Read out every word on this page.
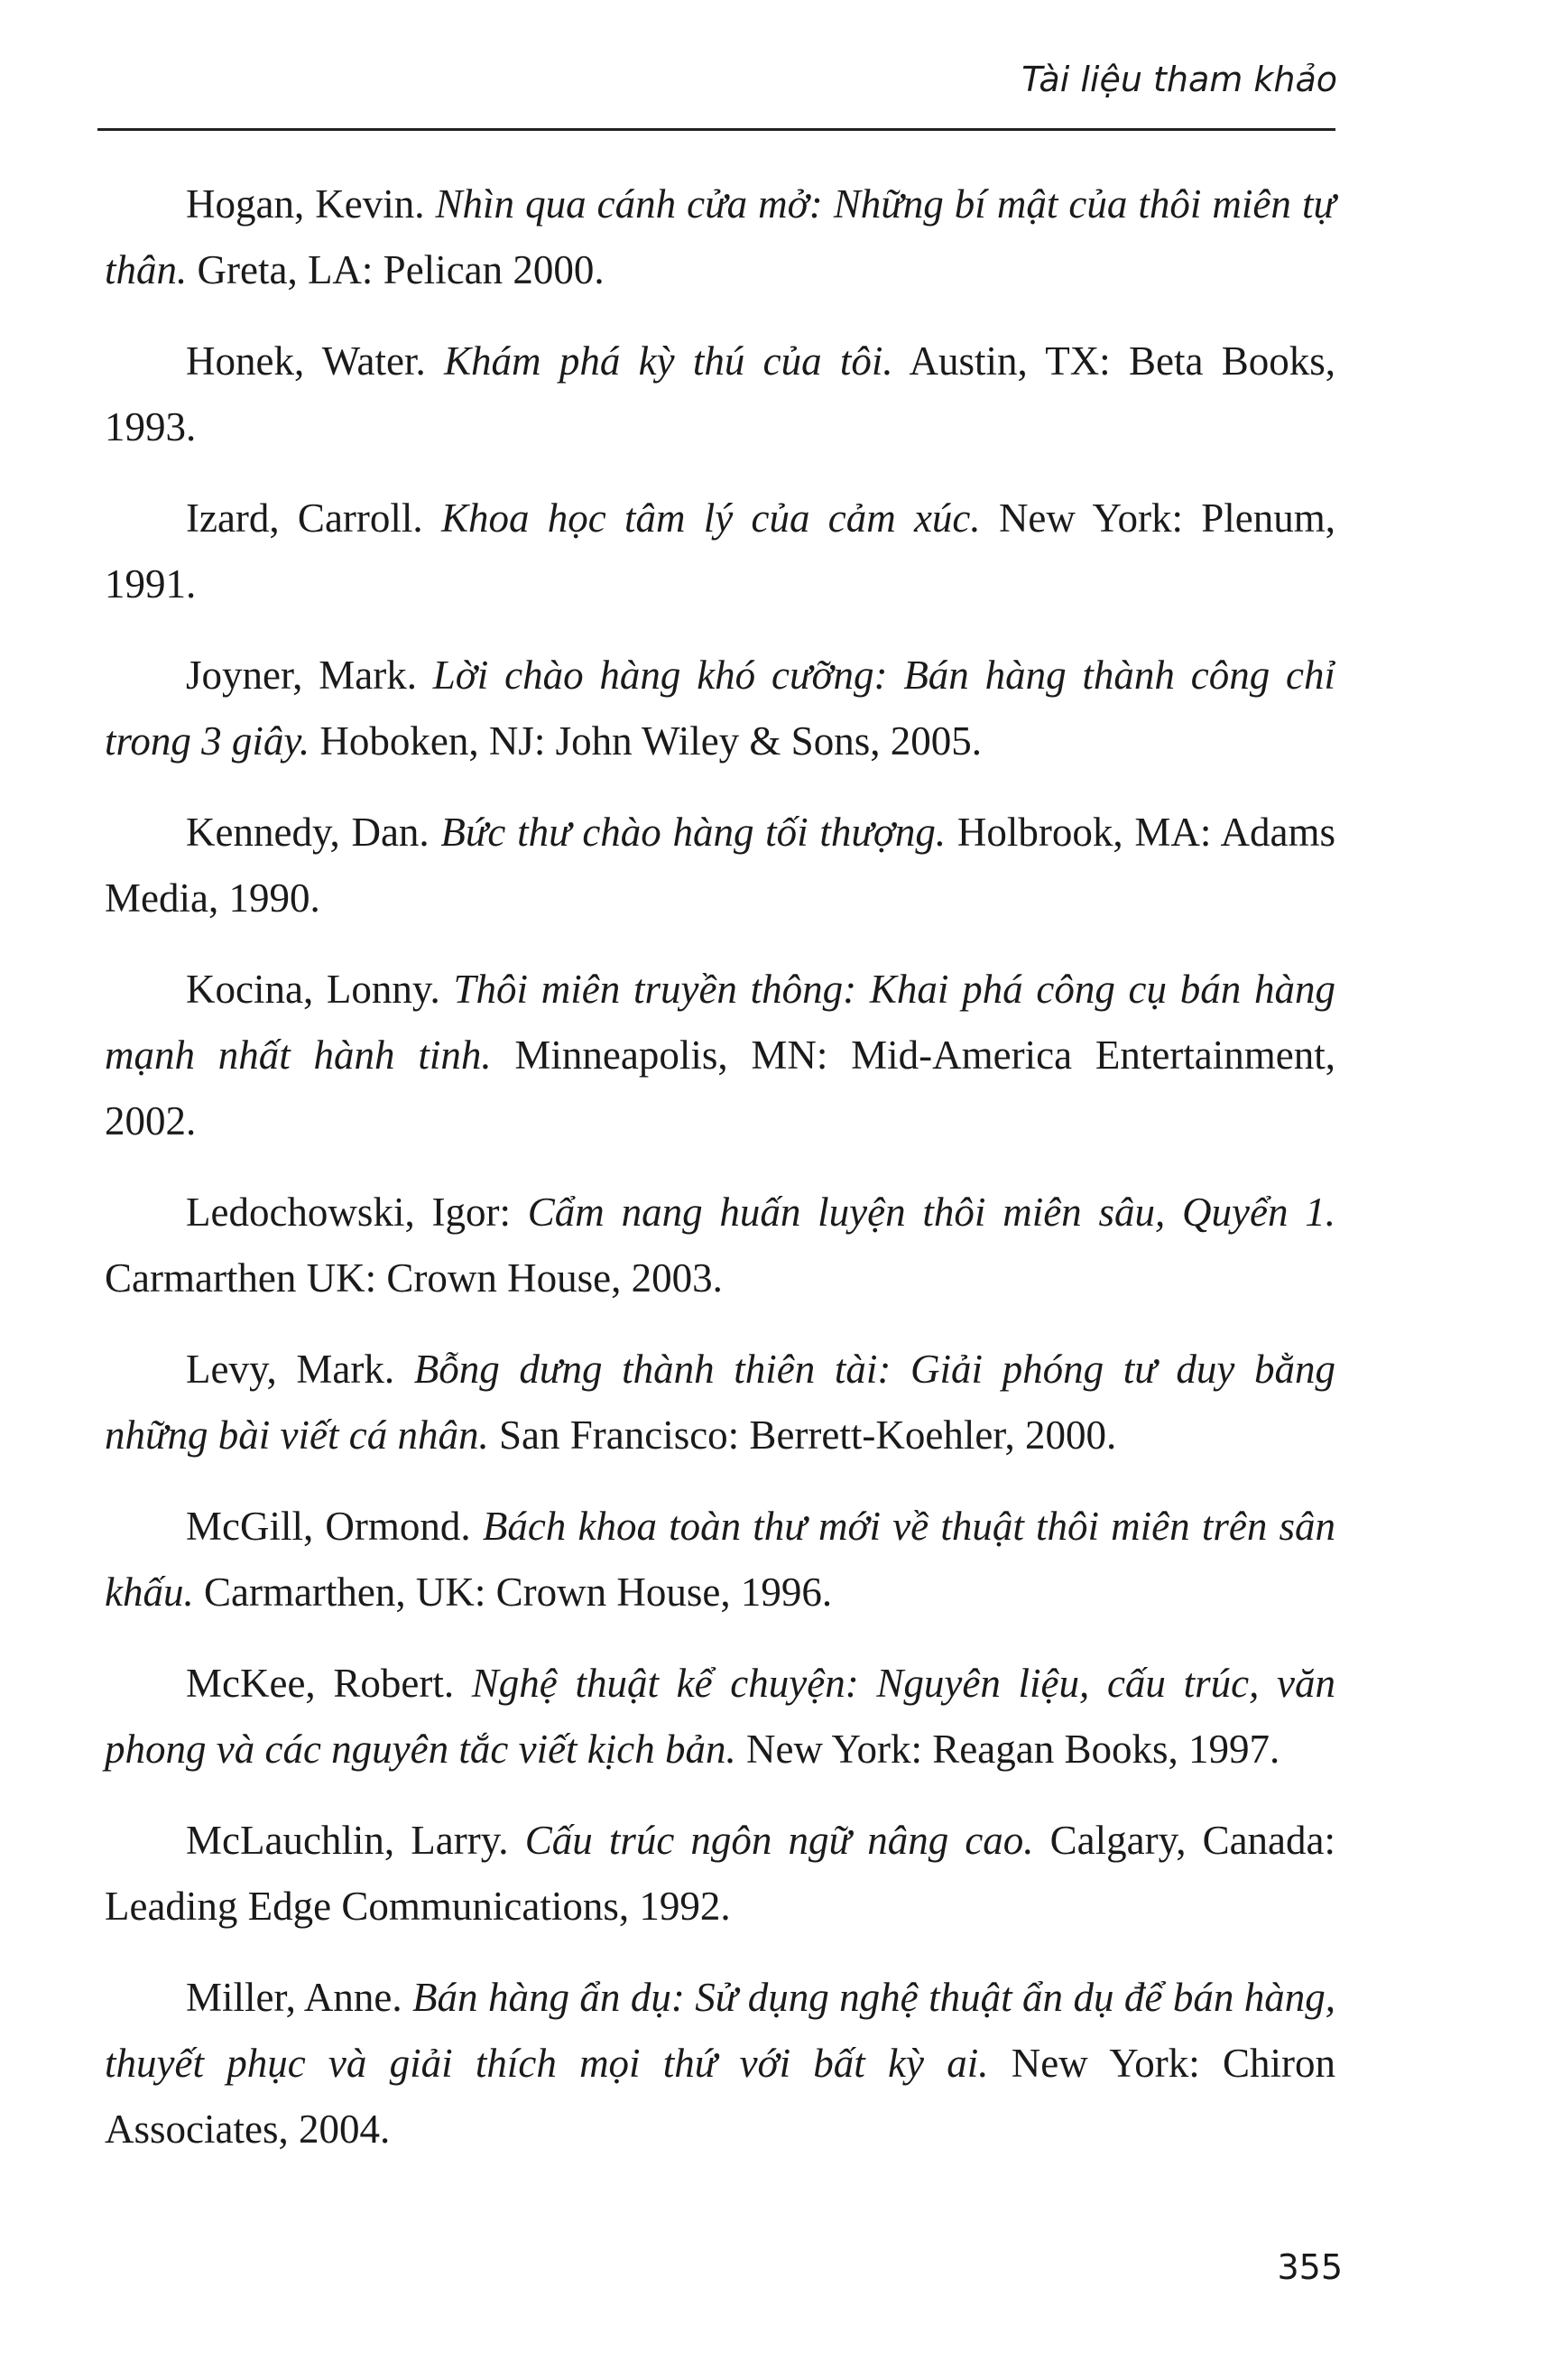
Tài liệu tham khảo

Hogan, Kevin. Nhìn qua cánh cửa mở: Những bí mật của thôi miên tự thân. Greta, LA: Pelican 2000.

Honek, Water. Khám phá kỳ thú của tôi. Austin, TX: Beta Books, 1993.

Izard, Carroll. Khoa học tâm lý của cảm xúc. New York: Plenum, 1991.

Joyner, Mark. Lời chào hàng khó cưỡng: Bán hàng thành công chỉ trong 3 giây. Hoboken, NJ: John Wiley & Sons, 2005.

Kennedy, Dan. Bức thư chào hàng tối thượng. Holbrook, MA: Adams Media, 1990.

Kocina, Lonny. Thôi miên truyền thông: Khai phá công cụ bán hàng mạnh nhất hành tinh. Minneapolis, MN: Mid-America Entertainment, 2002.

Ledochowski, Igor: Cẩm nang huấn luyện thôi miên sâu, Quyển 1. Carmarthen UK: Crown House, 2003.

Levy, Mark. Bỗng dưng thành thiên tài: Giải phóng tư duy bằng những bài viết cá nhân. San Francisco: Berrett-Koehler, 2000.

McGill, Ormond. Bách khoa toàn thư mới về thuật thôi miên trên sân khấu. Carmarthen, UK: Crown House, 1996.

McKee, Robert. Nghệ thuật kể chuyện: Nguyên liệu, cấu trúc, văn phong và các nguyên tắc viết kịch bản. New York: Reagan Books, 1997.

McLauchlin, Larry. Cấu trúc ngôn ngữ nâng cao. Calgary, Canada: Leading Edge Communications, 1992.

Miller, Anne. Bán hàng ẩn dụ: Sử dụng nghệ thuật ẩn dụ để bán hàng, thuyết phục và giải thích mọi thứ với bất kỳ ai. New York: Chiron Associates, 2004.

355
